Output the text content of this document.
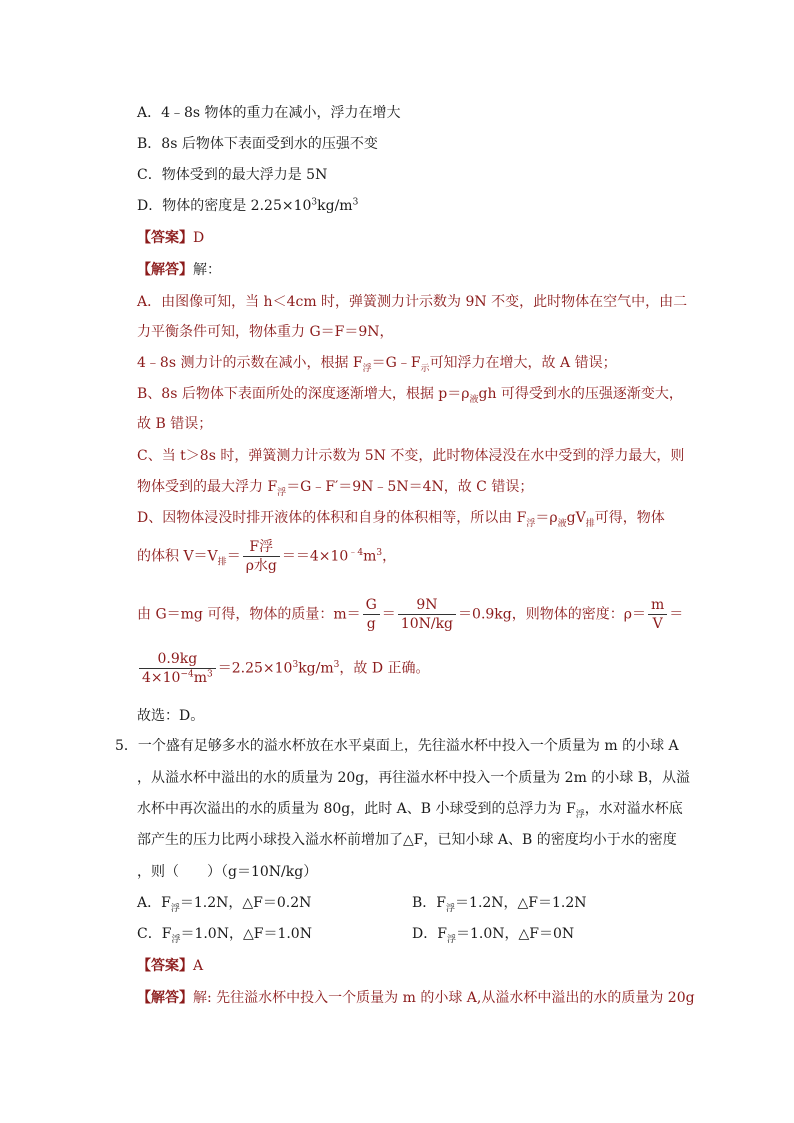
A．4﹣8s 物体的重力在减小，浮力在增大
B．8s 后物体下表面受到水的压强不变
C．物体受到的最大浮力是 5N
D．物体的密度是 $2.25\times 10^3kg/m^3$
【答案】D
【解答】解：
A．由图像可知，当 h＜4cm 时，弹簧测力计示数为 9N 不变，此时物体在空气中，由二
力平衡条件可知，物体重力 G＝F＝9N，
4﹣8s 测力计的示数在减小，根据 $F_浮=G﹣F_示$可知浮力在增大，故 A 错误；
B、8s 后物体下表面所处的深度逐渐增大，根据 $p=\rho_液gh$ 可得受到水的压强逐渐变大，
故 B 错误；
C、当 t＞8s 时，弹簧测力计示数为 5N 不变，此时物体浸没在水中受到的浮力最大，则
物体受到的最大浮力 $F_浮=G﹣F'=9N﹣5N=4N$，故 C 错误；
D、因物体浸没时排开液体的体积和自身的体积相等，所以由 $F_浮=\rho_液gV_排$可得，物体
的体积 $V=V_排= \frac{\text{F浮}}{\text{ρ水g}} ==4\times 10^{﹣4}m^3$，
由 G＝mg 可得，物体的质量：$m= \frac{G}{g} = \frac{9N}{10N/kg} =0.9kg$，则物体的密度：$\rho= \frac{m}{V}$ ＝
$\frac{0.9kg}{4\times 10^{-4}m^3} =2.25\times 10^3kg/m^3$，故 D 正确。
故选：D。
5．一个盛有足够多水的溢水杯放在水平桌面上，先往溢水杯中投入一个质量为 m 的小球 A
，从溢水杯中溢出的水的质量为 20g，再往溢水杯中投入一个质量为 2m 的小球 B，从溢
水杯中再次溢出的水的质量为 80g，此时 A、B 小球受到的总浮力为 $F_浮$，水对溢水杯底
部产生的压力比两小球投入溢水杯前增加了△F，已知小球 A、B 的密度均小于水的密度
，则（　　）（g＝10N/kg）
A．$F_浮=1.2N$，△F＝0.2N	B．$F_浮=1.2N$，△F＝1.2N
C．$F_浮=1.0N$，△F＝1.0N	D．$F_浮=1.0N$，△F＝0N
【答案】A
【解答】解: 先往溢水杯中投入一个质量为 m 的小球 A,从溢水杯中溢出的水的质量为 20g
